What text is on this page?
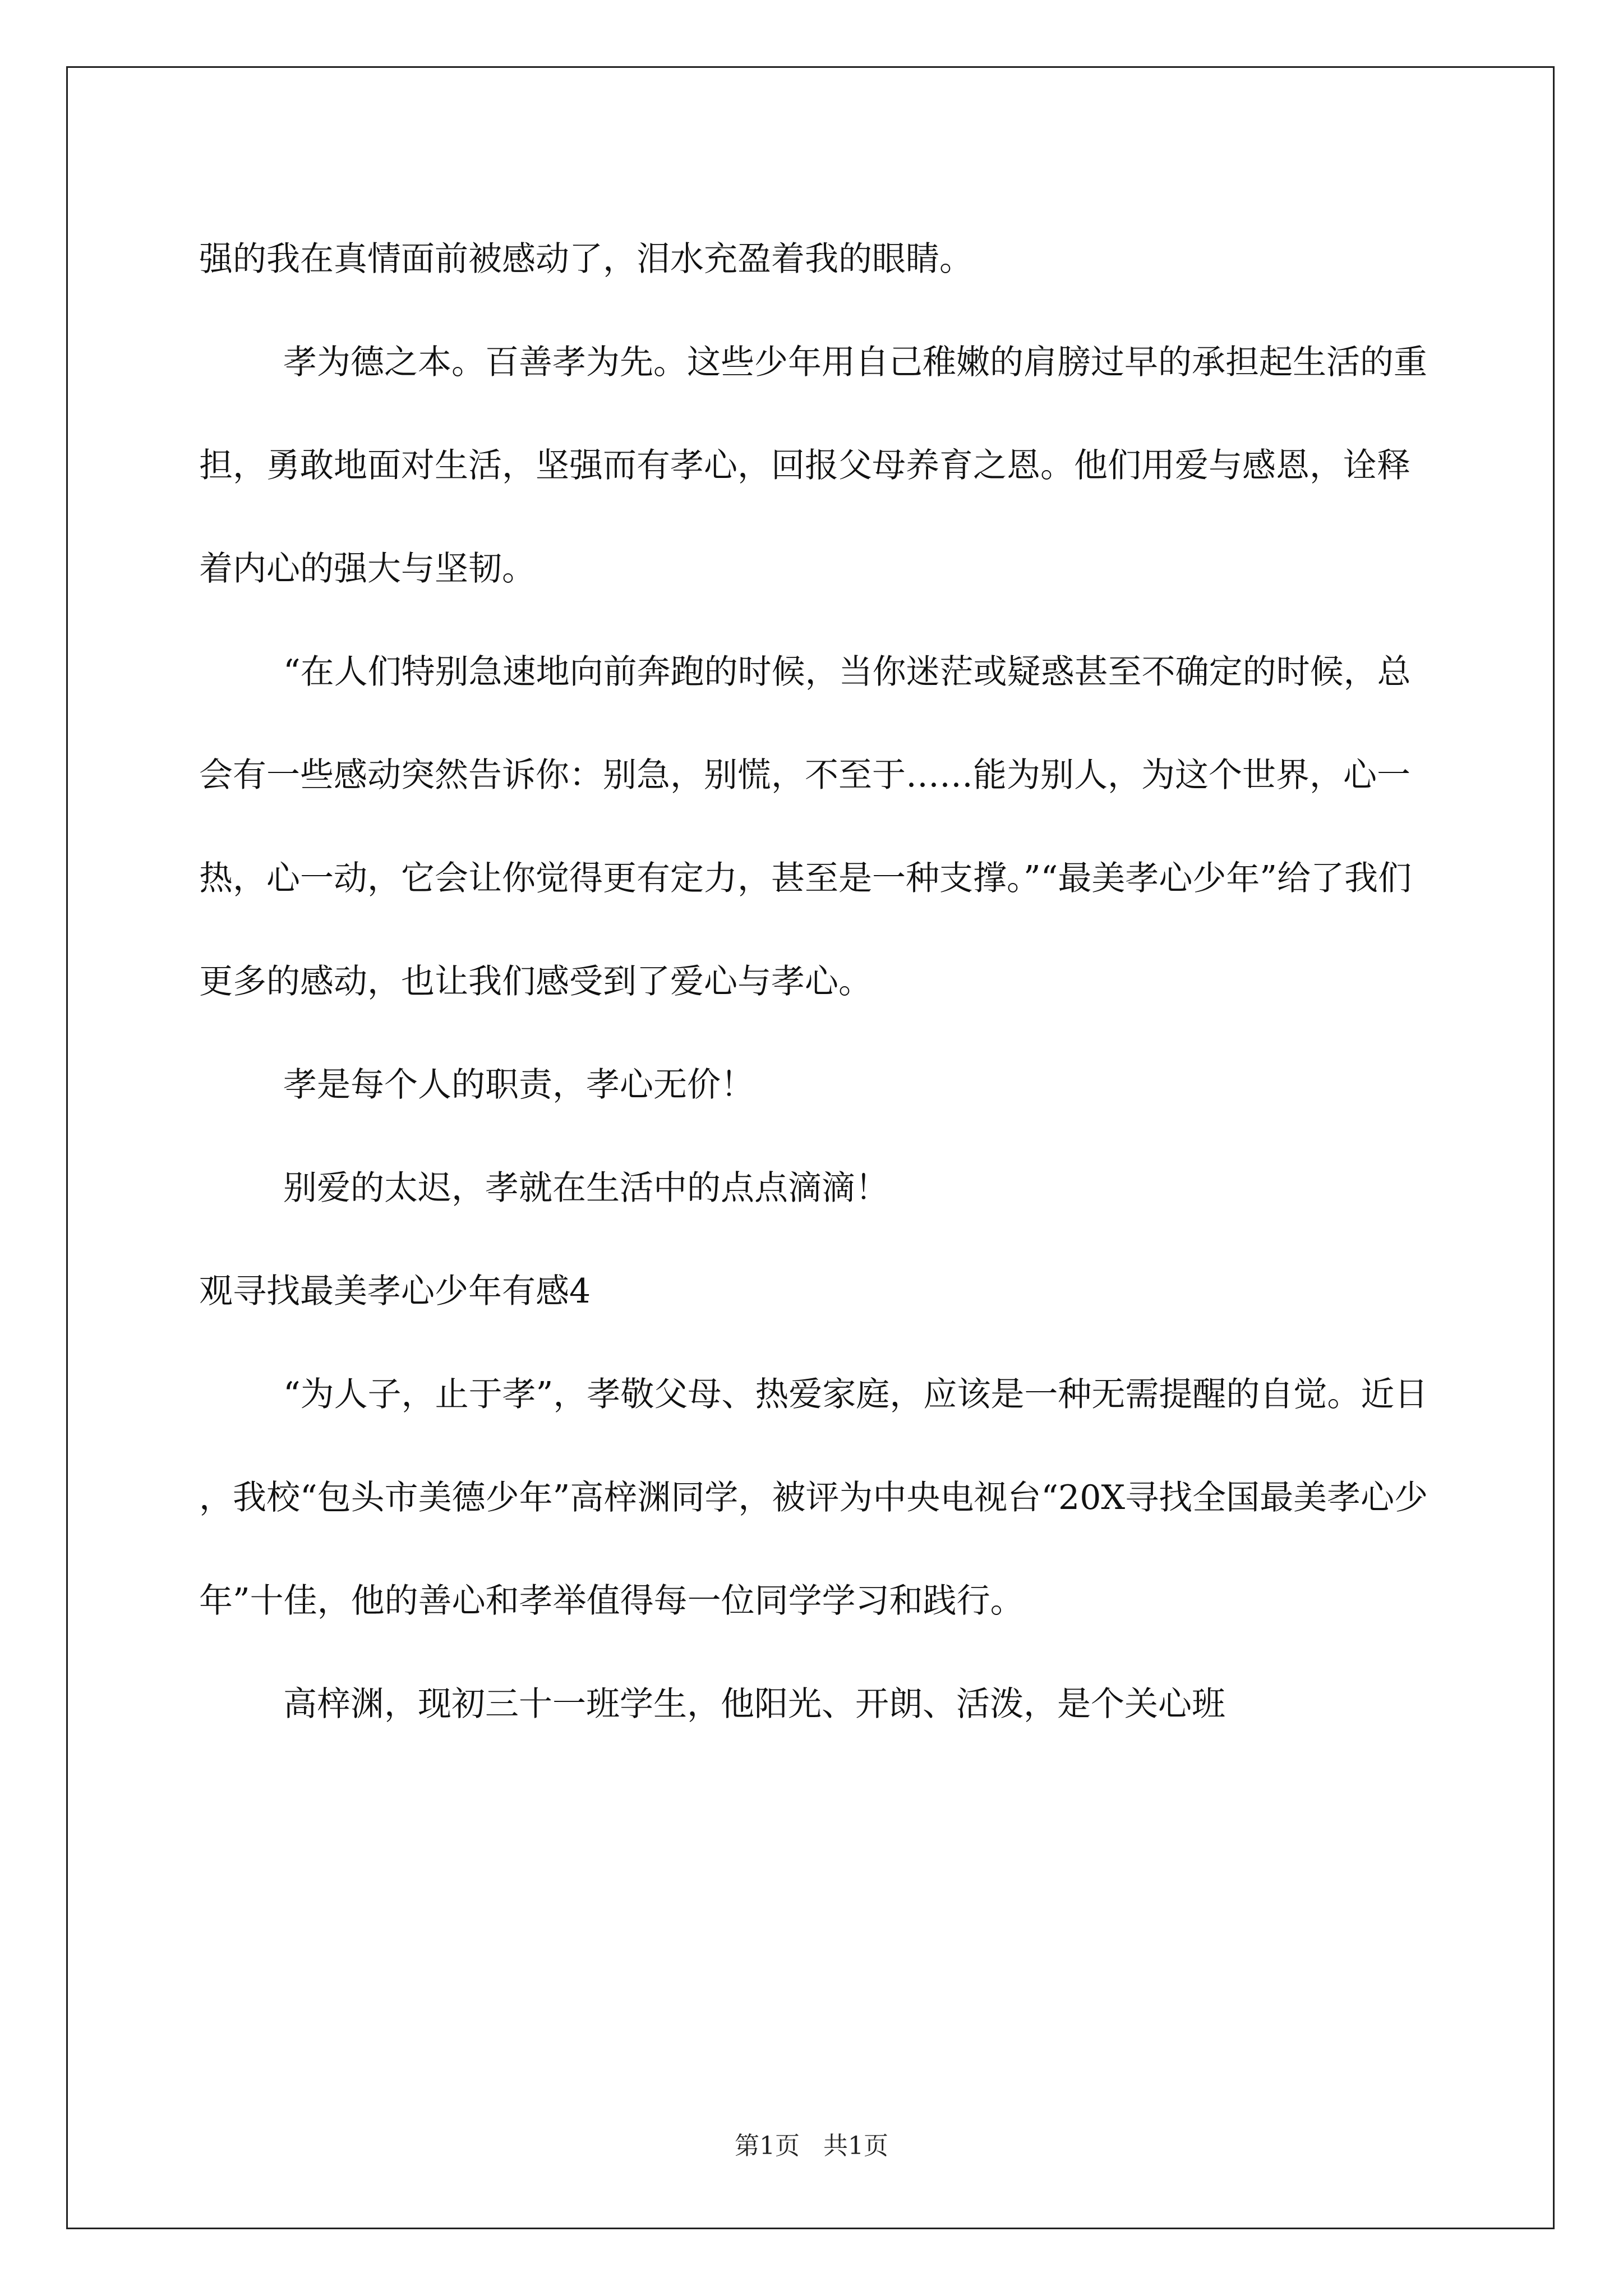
强的我在真情面前被感动了，泪水充盈着我的眼睛。

孝为德之本。百善孝为先。这些少年用自己稚嫩的肩膀过早的承担起生活的重担，勇敢地面对生活，坚强而有孝心，回报父母养育之恩。他们用爱与感恩，诠释着内心的强大与坚韧。

“在人们特别急速地向前奔跑的时候，当你迷茫或疑惑甚至不确定的时候，总会有一些感动突然告诉你：别急，别慌，不至于……能为别人，为这个世界，心一热，心一动，它会让你觉得更有定力，甚至是一种支撑。”“最美孝心少年”给了我们更多的感动，也让我们感受到了爱心与孝心。

孝是每个人的职责，孝心无价！

别爱的太迟，孝就在生活中的点点滴滴！

观寻找最美孝心少年有感4

“为人子，止于孝”，孝敬父母、热爱家庭，应该是一种无需提醒的自觉。近日，我校“包头市美德少年”高梓渊同学，被评为中央电视台“20X寻找全国最美孝心少年”十佳，他的善心和孝举值得每一位同学学习和践行。

高梓渊，现初三十一班学生，他阳光、开朗、活泼，是个关心班

第1页 共1页
